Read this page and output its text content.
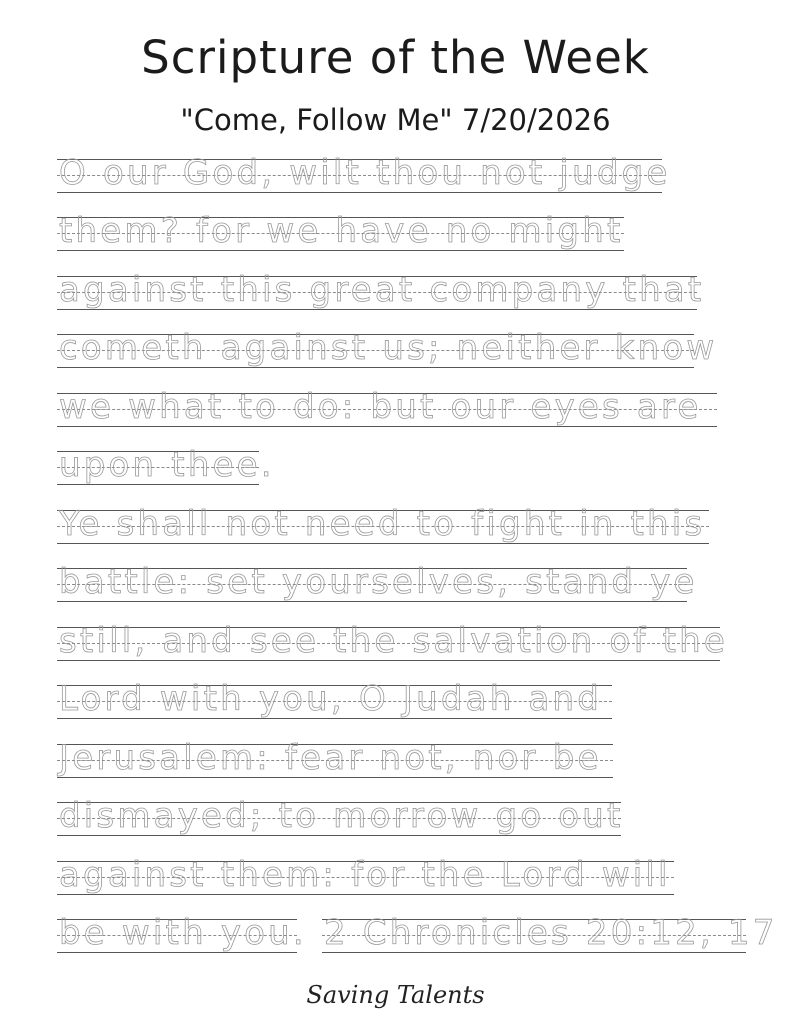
Scripture of the Week
"Come, Follow Me" 7/20/2026
O our God, wilt thou not judge
them? for we have no might
against this great company that
cometh against us; neither know
we what to do: but our eyes are
upon thee.
Ye shall not need to fight in this
battle: set yourselves, stand ye
still, and see the salvation of the
Lord with you, O Judah and
Jerusalem: fear not, nor be
dismayed; to morrow go out
against them: for the Lord will
be with you. 2 Chronicles 20:12, 17
Saving Talents
